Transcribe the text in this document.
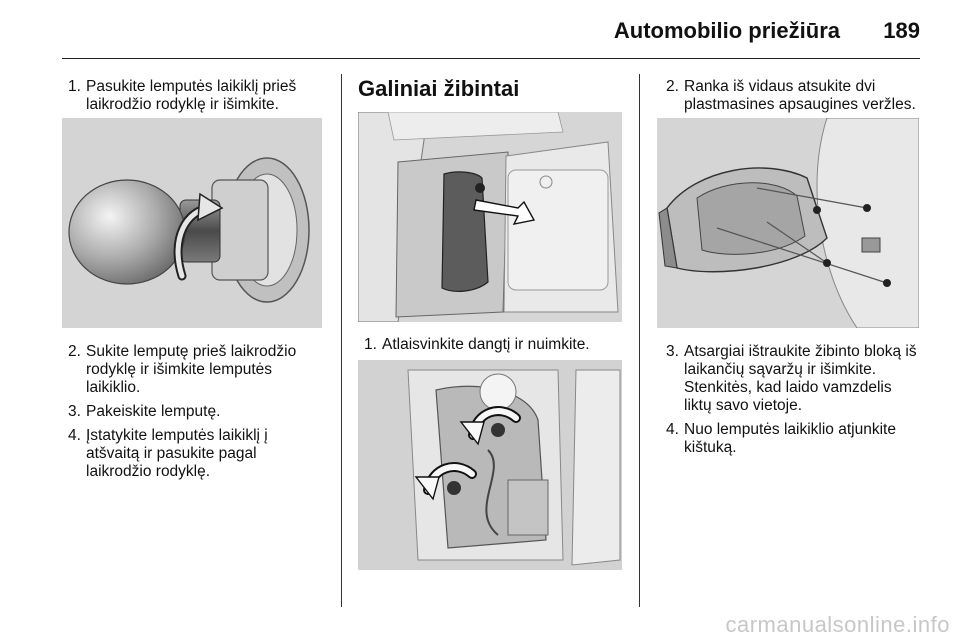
Automobilio priežiūra	189
1. Pasukite lemputės laikiklį prieš laikrodžio rodyklę ir išimkite.
2. Sukite lemputę prieš laikrodžio rodyklę ir išimkite lemputės laikiklio.
3. Pakeiskite lemputę.
4. Įstatykite lemputės laikiklį į atšvaitą ir pasukite pagal laikrodžio rodyklę.
Galiniai žibintai
1. Atlaisvinkite dangtį ir nuimkite.
2. Ranka iš vidaus atsukite dvi plastmasines apsaugines veržles.
3. Atsargiai ištraukite žibinto bloką iš laikančių sąvaržų ir išimkite. Stenkitės, kad laido vamzdelis liktų savo vietoje.
4. Nuo lemputės laikiklio atjunkite kištuką.
carmanualsonline.info
